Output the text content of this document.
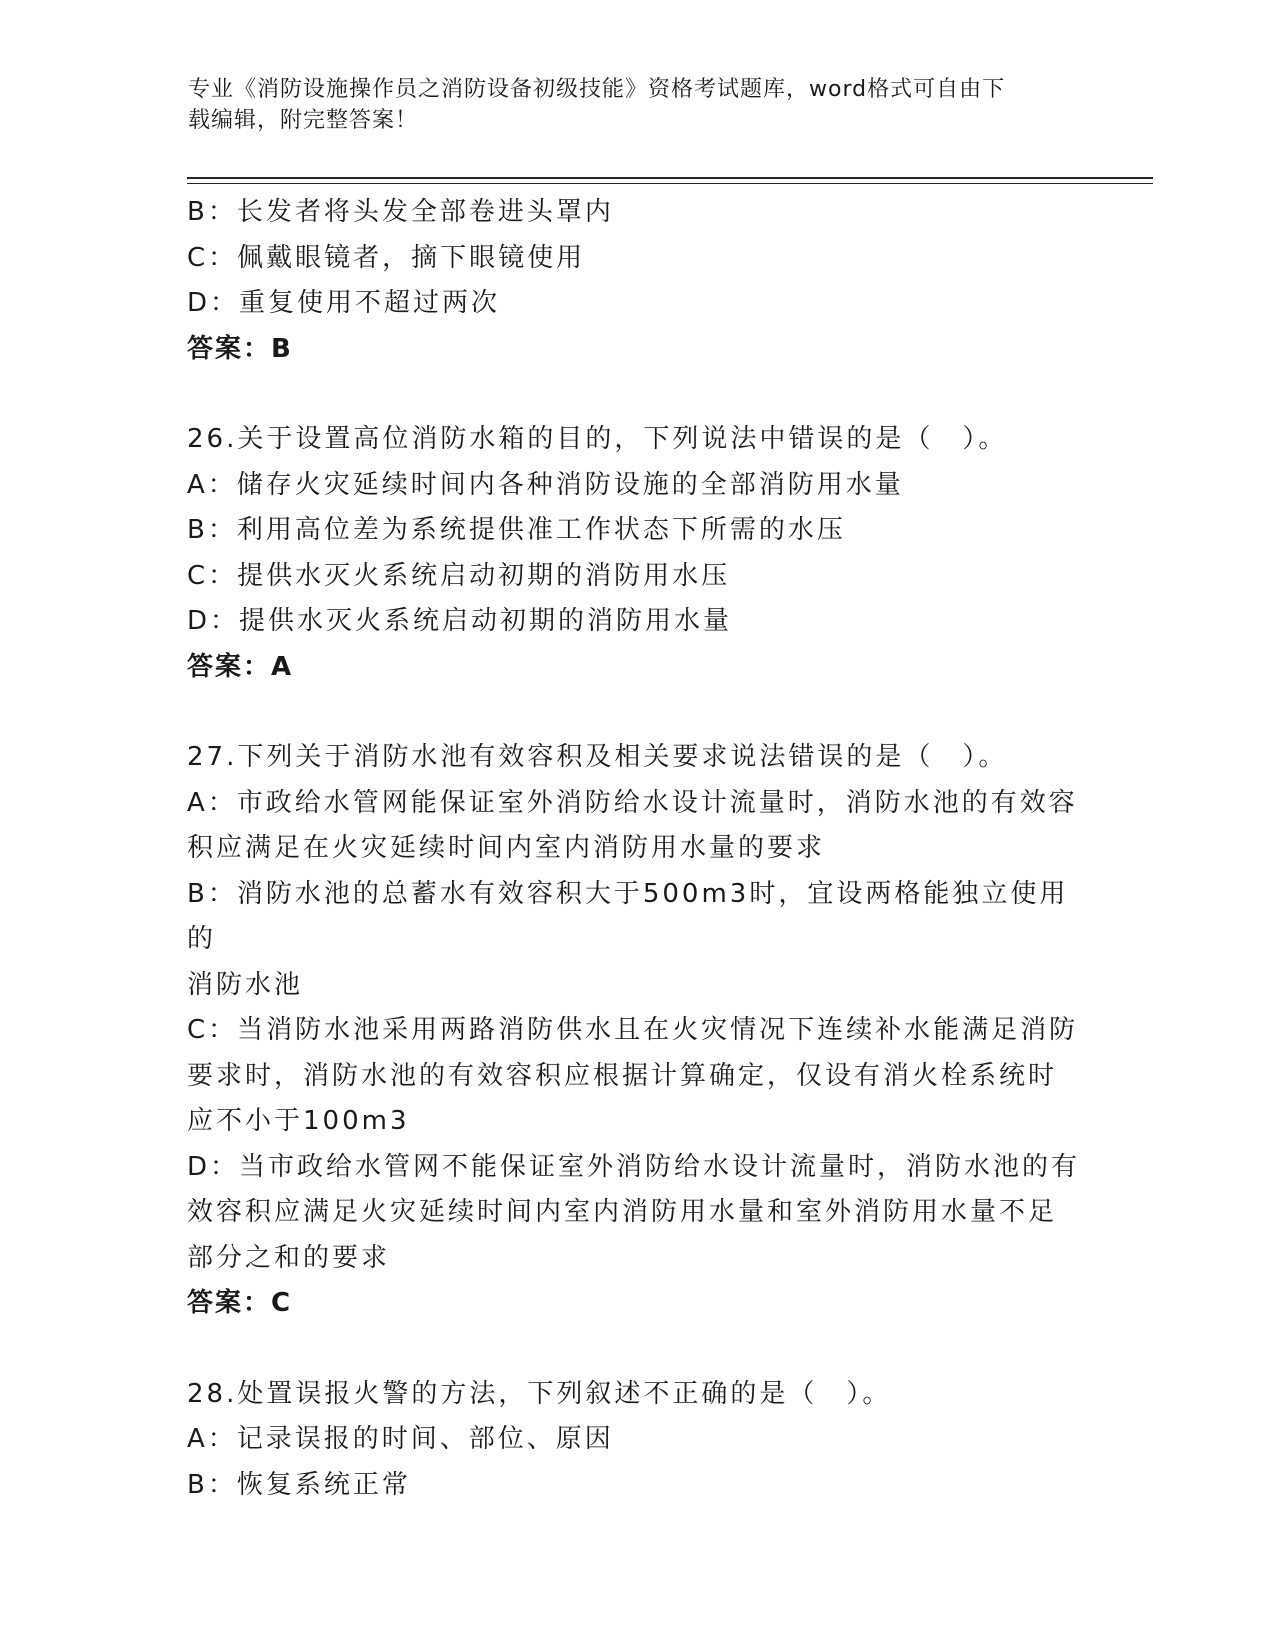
专业《消防设施操作员之消防设备初级技能》资格考试题库，word格式可自由下
载编辑，附完整答案！
B：长发者将头发全部卷进头罩内
C：佩戴眼镜者，摘下眼镜使用
D：重复使用不超过两次
答案：B
26.关于设置高位消防水箱的目的，下列说法中错误的是（　）。
A：储存火灾延续时间内各种消防设施的全部消防用水量
B：利用高位差为系统提供准工作状态下所需的水压
C：提供水灭火系统启动初期的消防用水压
D：提供水灭火系统启动初期的消防用水量
答案：A
27.下列关于消防水池有效容积及相关要求说法错误的是（　）。
A：市政给水管网能保证室外消防给水设计流量时，消防水池的有效容
积应满足在火灾延续时间内室内消防用水量的要求
B：消防水池的总蓄水有效容积大于500m3时，宜设两格能独立使用的
消防水池
C：当消防水池采用两路消防供水且在火灾情况下连续补水能满足消防
要求时，消防水池的有效容积应根据计算确定，仅设有消火栓系统时
应不小于100m3
D：当市政给水管网不能保证室外消防给水设计流量时，消防水池的有
效容积应满足火灾延续时间内室内消防用水量和室外消防用水量不足
部分之和的要求
答案：C
28.处置误报火警的方法，下列叙述不正确的是（　）。
A：记录误报的时间、部位、原因
B：恢复系统正常
